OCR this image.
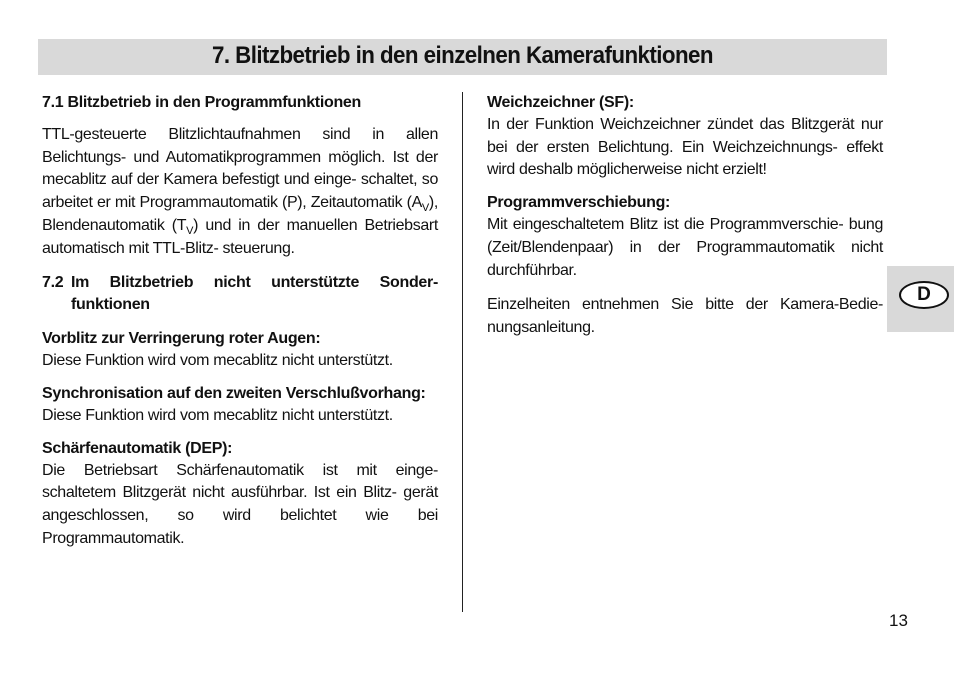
7. Blitzbetrieb in den einzelnen Kamerafunktionen
7.1 Blitzbetrieb in den Programmfunktionen

TTL-gesteuerte Blitzlichtaufnahmen sind in allen Belichtungs- und Automatikprogrammen möglich. Ist der mecablitz auf der Kamera befestigt und einge- schaltet, so arbeitet er mit Programmautomatik (P), Zeitautomatik $(A_V)$, Blendenautomatik $(T_V)$ und in der manuellen Betriebsart automatisch mit TTL-Blitz- steuerung.

7.2 Im Blitzbetrieb nicht unterstützte Sonder- funktionen
Vorblitz zur Verringerung roter Augen:

Diese Funktion wird vom mecablitz nicht unterstützt.

Synchronisation auf den zweiten Verschlußvorhang:

Diese Funktion wird vom mecablitz nicht unterstützt.

Schärfenautomatik (DEP):

Die Betriebsart Schärfenautomatik ist mit einge- schaltetem Blitzgerät nicht ausführbar. Ist ein Blitz- gerät angeschlossen, so wird belichtet wie bei Programmautomatik.

Weichzeichner (SF):

In der Funktion Weichzeichner zündet das Blitzgerät nur bei der ersten Belichtung. Ein Weichzeichnungs- effekt wird deshalb möglicherweise nicht erzielt!

Programmverschiebung:

Mit eingeschaltetem Blitz ist die Programmverschie- bung (Zeit/Blendenpaar) in der Programmautomatik nicht durchführbar.

Einzelheiten entnehmen Sie bitte der Kamera-Bedie- nungsanleitung.

D
13
